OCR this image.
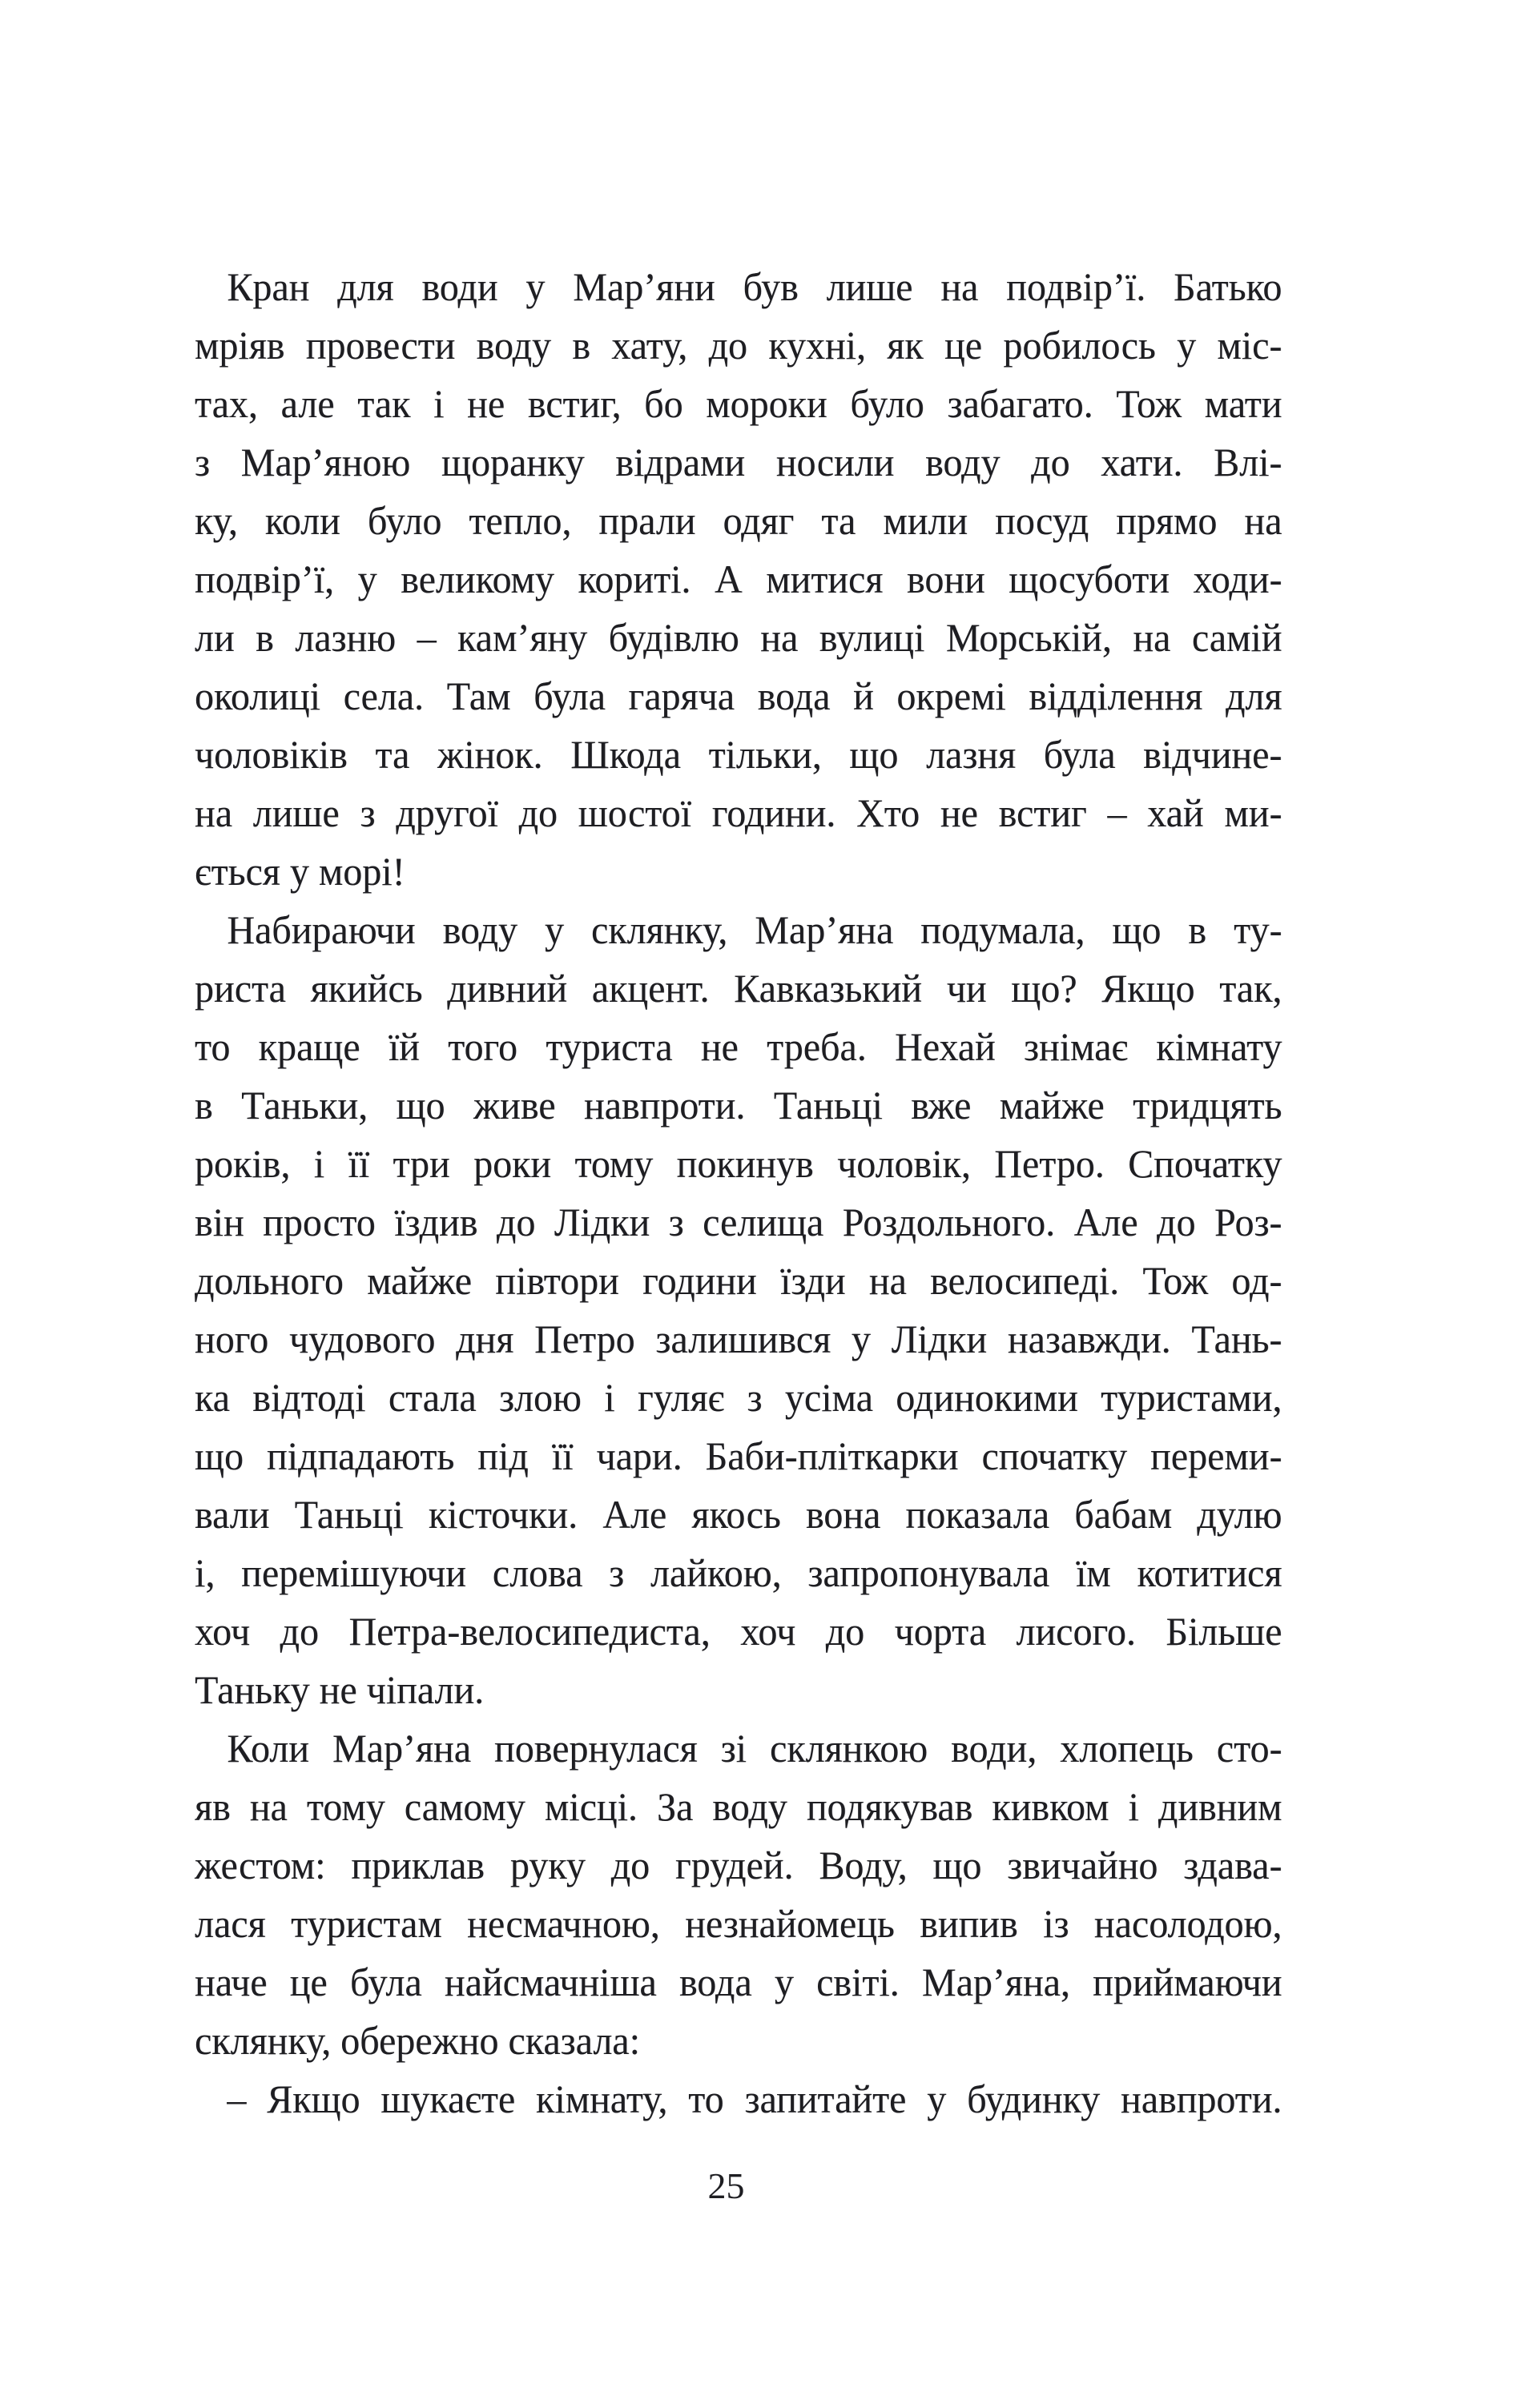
Кран для води у Мар’яни був лише на подвір’ї. Батько
мріяв провести воду в хату, до кухні, як це робилось у міс-
тах, але так і не встиг, бо мороки було забагато. Тож мати
з Мар’яною щоранку відрами носили воду до хати. Влі-
ку, коли було тепло, прали одяг та мили посуд прямо на
подвір’ї, у великому кориті. А митися вони щосуботи ходи-
ли в лазню – кам’яну будівлю на вулиці Морській, на самій
околиці села. Там була гаряча вода й окремі відділення для
чоловіків та жінок. Шкода тільки, що лазня була відчине-
на лише з другої до шостої години. Хто не встиг – хай ми-
ється у морі!
Набираючи воду у склянку, Мар’яна подумала, що в ту-
риста якийсь дивний акцент. Кавказький чи що? Якщо так,
то краще їй того туриста не треба. Нехай знімає кімнату
в Таньки, що живе навпроти. Таньці вже майже тридцять
років, і її три роки тому покинув чоловік, Петро. Спочатку
він просто їздив до Лідки з селища Роздольного. Але до Роз-
дольного майже півтори години їзди на велосипеді. Тож од-
ного чудового дня Петро залишився у Лідки назавжди. Тань-
ка відтоді стала злою і гуляє з усіма одинокими туристами,
що підпадають під її чари. Баби-пліткарки спочатку переми-
вали Таньці кісточки. Але якось вона показала бабам дулю
і, перемішуючи слова з лайкою, запропонувала їм котитися
хоч до Петра-велосипедиста, хоч до чорта лисого. Більше
Таньку не чіпали.
Коли Мар’яна повернулася зі склянкою води, хлопець сто-
яв на тому самому місці. За воду подякував кивком і дивним
жестом: приклав руку до грудей. Воду, що звичайно здава-
лася туристам несмачною, незнайомець випив із насолодою,
наче це була найсмачніша вода у світі. Мар’яна, приймаючи
склянку, обережно сказала:
– Якщо шукаєте кімнату, то запитайте у будинку навпроти.
25
